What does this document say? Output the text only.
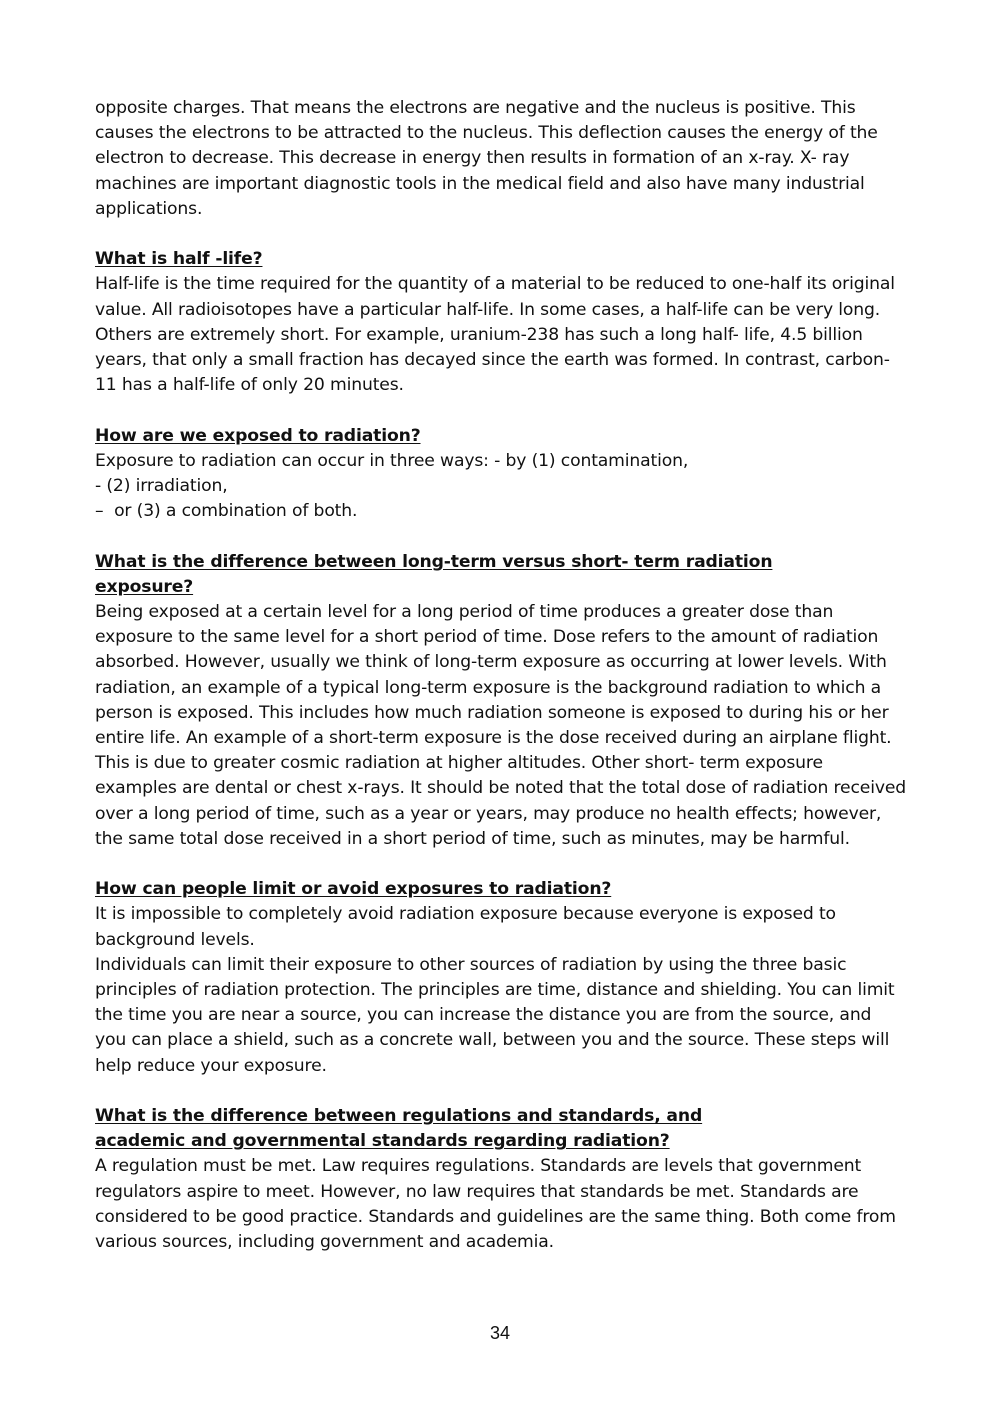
opposite charges. That means the electrons are negative and the nucleus is positive. This causes the electrons to be attracted to the nucleus. This deflection causes the energy of the electron to decrease. This decrease in energy then results in formation of an x-ray. X- ray machines are important diagnostic tools in the medical field and also have many industrial applications.

What is half -life?

Half-life is the time required for the quantity of a material to be reduced to one-half its original value. All radioisotopes have a particular half-life. In some cases, a half-life can be very long. Others are extremely short. For example, uranium-238 has such a long half- life, 4.5 billion years, that only a small fraction has decayed since the earth was formed. In contrast, carbon-11 has a half-life of only 20 minutes.

How are we exposed to radiation?

Exposure to radiation can occur in three ways: - by (1) contamination,

- (2) irradiation,

–  or (3) a combination of both.

What is the difference between long-term versus short- term radiation exposure?

Being exposed at a certain level for a long period of time produces a greater dose than exposure to the same level for a short period of time. Dose refers to the amount of radiation absorbed. However, usually we think of long-term exposure as occurring at lower levels. With radiation, an example of a typical long-term exposure is the background radiation to which a person is exposed. This includes how much radiation someone is exposed to during his or her entire life. An example of a short-term exposure is the dose received during an airplane flight. This is due to greater cosmic radiation at higher altitudes. Other short- term exposure examples are dental or chest x-rays. It should be noted that the total dose of radiation received over a long period of time, such as a year or years, may produce no health effects; however, the same total dose received in a short period of time, such as minutes, may be harmful.

How can people limit or avoid exposures to radiation?

It is impossible to completely avoid radiation exposure because everyone is exposed to background levels.

Individuals can limit their exposure to other sources of radiation by using the three basic principles of radiation protection. The principles are time, distance and shielding. You can limit the time you are near a source, you can increase the distance you are from the source, and you can place a shield, such as a concrete wall, between you and the source. These steps will help reduce your exposure.

What is the difference between regulations and standards, and academic and governmental standards regarding radiation?

A regulation must be met. Law requires regulations. Standards are levels that government regulators aspire to meet. However, no law requires that standards be met. Standards are considered to be good practice. Standards and guidelines are the same thing. Both come from various sources, including government and academia.

34
